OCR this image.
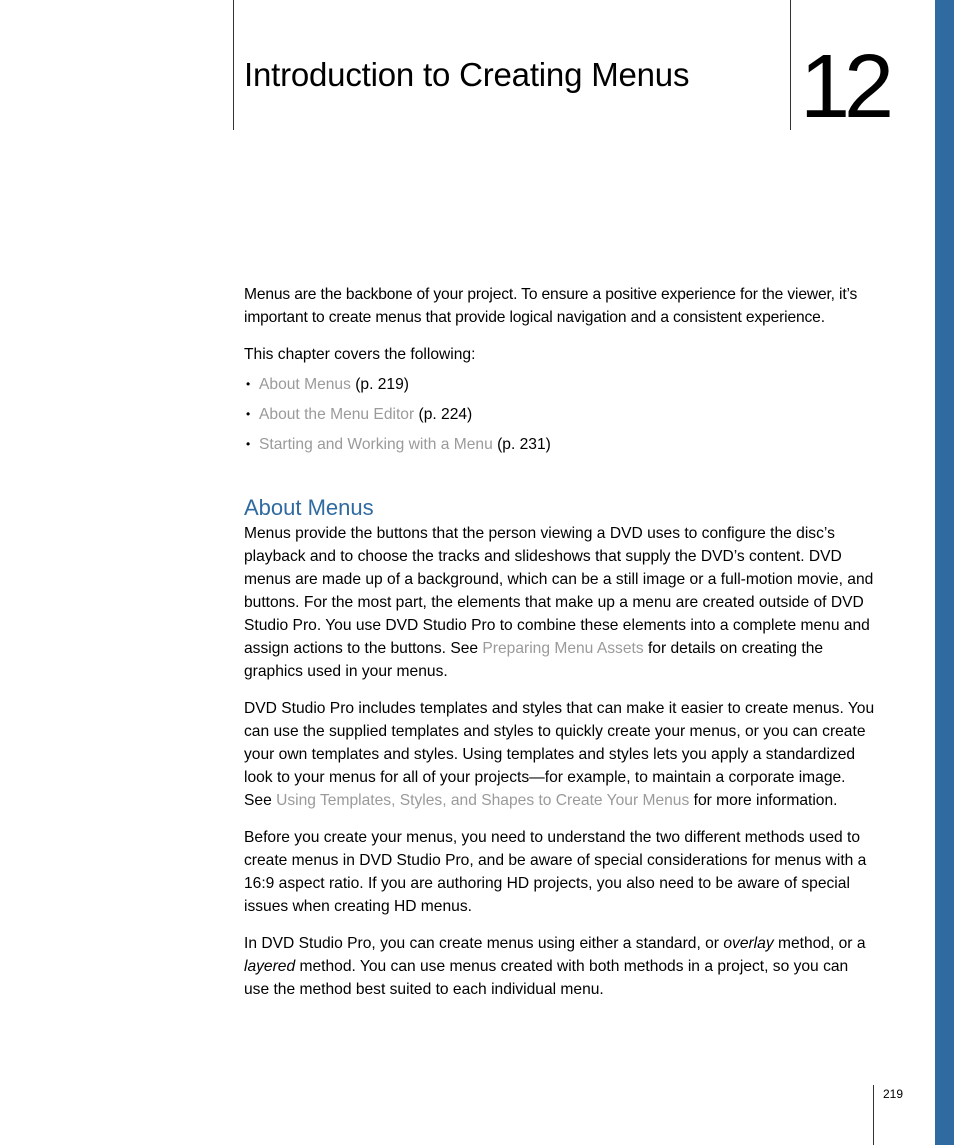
Introduction to Creating Menus 12

Menus are the backbone of your project. To ensure a positive experience for the viewer, it’s important to create menus that provide logical navigation and a consistent experience.

This chapter covers the following:

• About Menus (p. 219)
• About the Menu Editor (p. 224)
• Starting and Working with a Menu (p. 231)
About Menus

Menus provide the buttons that the person viewing a DVD uses to configure the disc’s playback and to choose the tracks and slideshows that supply the DVD’s content. DVD menus are made up of a background, which can be a still image or a full-motion movie, and buttons. For the most part, the elements that make up a menu are created outside of DVD Studio Pro. You use DVD Studio Pro to combine these elements into a complete menu and assign actions to the buttons. See Preparing Menu Assets for details on creating the graphics used in your menus.

DVD Studio Pro includes templates and styles that can make it easier to create menus. You can use the supplied templates and styles to quickly create your menus, or you can create your own templates and styles. Using templates and styles lets you apply a standardized look to your menus for all of your projects—for example, to maintain a corporate image. See Using Templates, Styles, and Shapes to Create Your Menus for more information.

Before you create your menus, you need to understand the two different methods used to create menus in DVD Studio Pro, and be aware of special considerations for menus with a 16:9 aspect ratio. If you are authoring HD projects, you also need to be aware of special issues when creating HD menus.

In DVD Studio Pro, you can create menus using either a standard, or overlay method, or a layered method. You can use menus created with both methods in a project, so you can use the method best suited to each individual menu.

219
